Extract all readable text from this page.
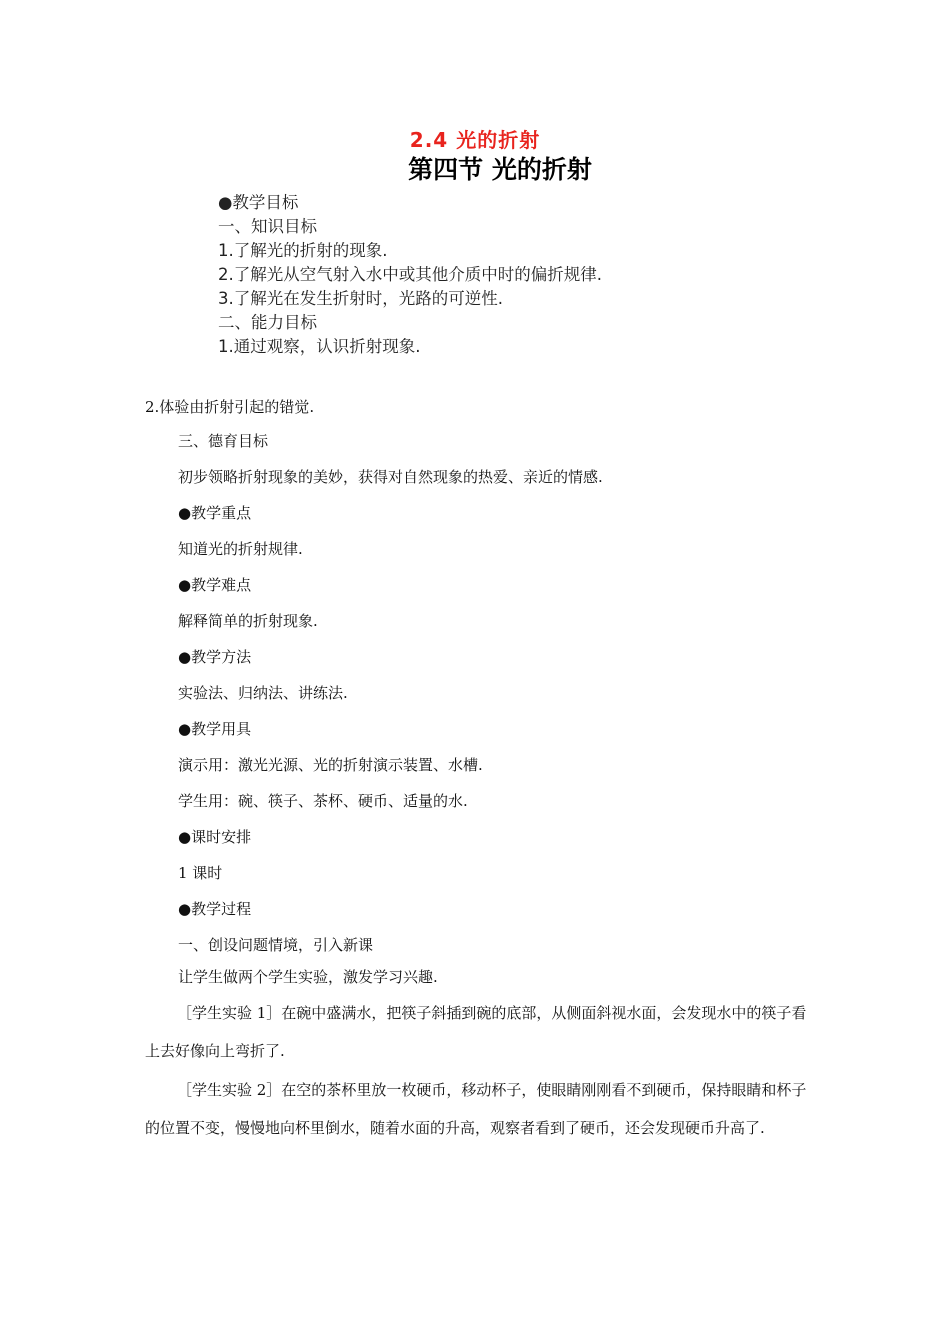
2.4 光的折射
第四节 光的折射
●教学目标
一、知识目标
1.了解光的折射的现象.
2.了解光从空气射入水中或其他介质中时的偏折规律.
3.了解光在发生折射时，光路的可逆性.
二、能力目标
1.通过观察，认识折射现象.
2.体验由折射引起的错觉.
三、德育目标
初步领略折射现象的美妙，获得对自然现象的热爱、亲近的情感.
●教学重点
知道光的折射规律.
●教学难点
解释简单的折射现象.
●教学方法
实验法、归纳法、讲练法.
●教学用具
演示用：激光光源、光的折射演示装置、水槽.
学生用：碗、筷子、茶杯、硬币、适量的水.
●课时安排
1 课时
●教学过程
一、创设问题情境，引入新课
让学生做两个学生实验，激发学习兴趣.
［学生实验 1］在碗中盛满水，把筷子斜插到碗的底部，从侧面斜视水面，会发现水中的筷子看上去好像向上弯折了.
［学生实验 2］在空的茶杯里放一枚硬币，移动杯子，使眼睛刚刚看不到硬币，保持眼睛和杯子的位置不变，慢慢地向杯里倒水，随着水面的升高，观察者看到了硬币，还会发现硬币升高了.
